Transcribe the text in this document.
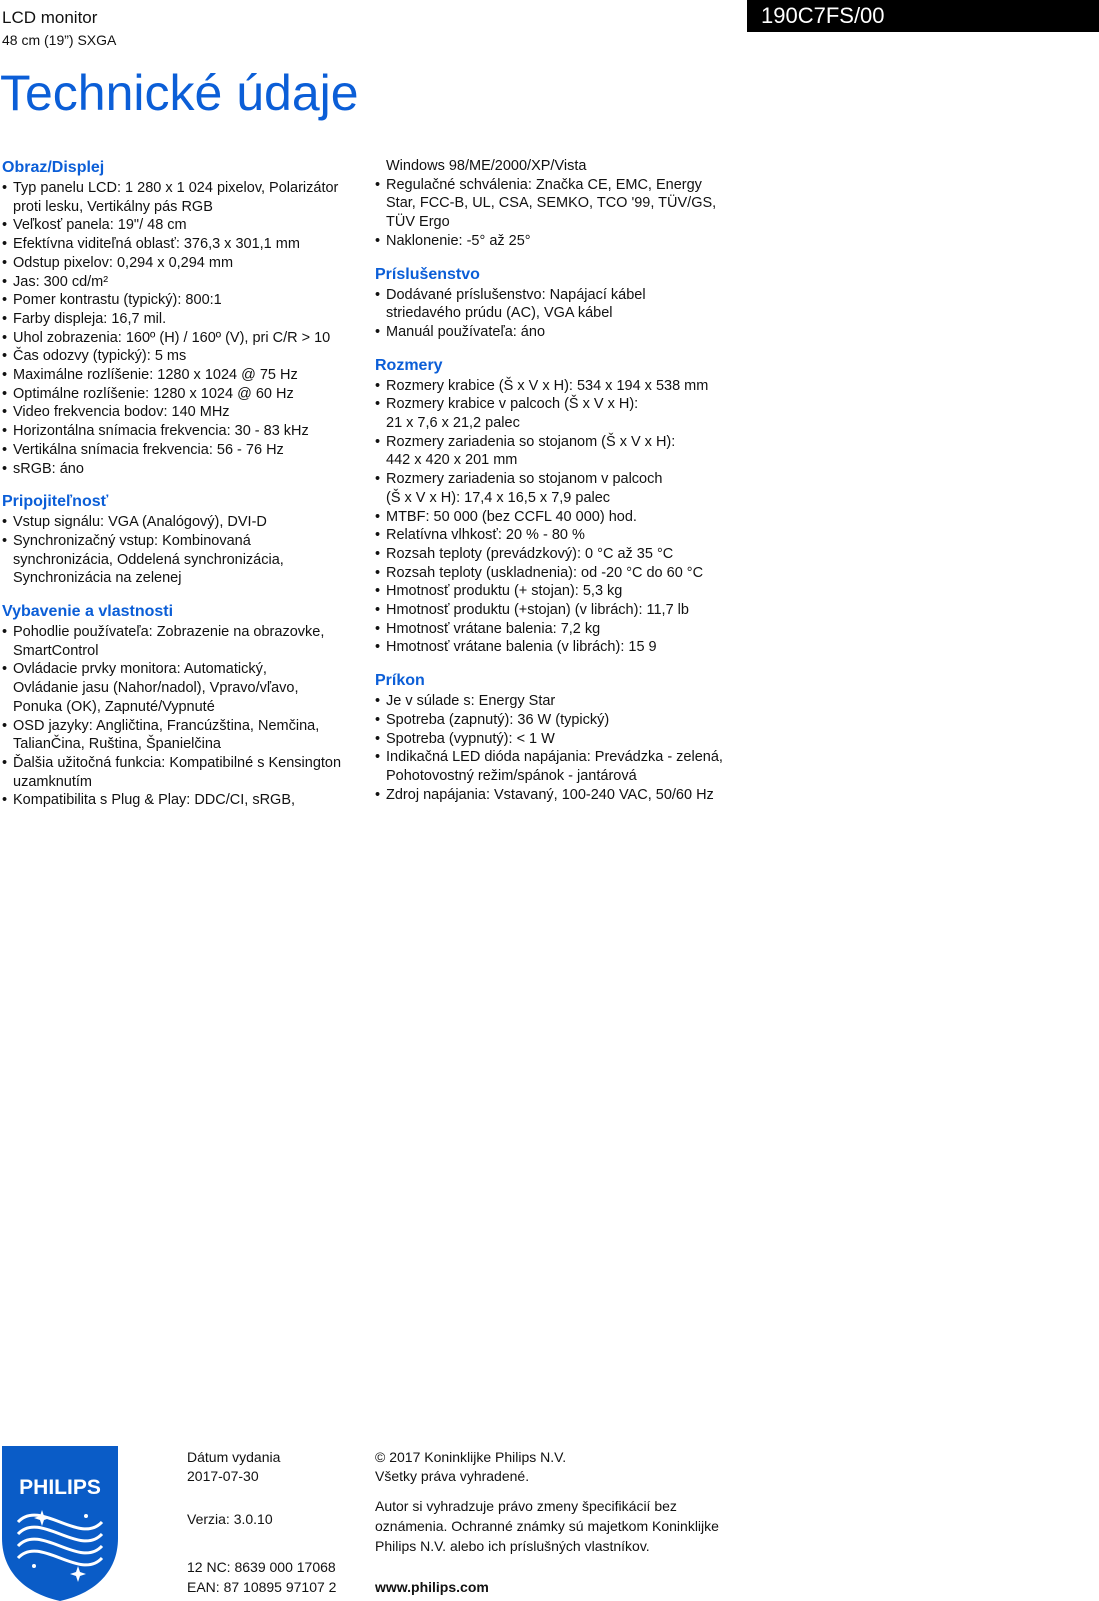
LCD monitor

48 cm (19”) SXGA

190C7FS/00
Technické údaje
Obraz/Displej
• Typ panelu LCD: 1 280 x 1 024 pixelov, Polarizátor
proti lesku, Vertikálny pás RGB
• Veľkosť panela: 19"/ 48 cm
• Efektívna viditeľná oblasť: 376,3 x 301,1 mm
• Odstup pixelov: 0,294 x 0,294 mm
• Jas: 300 cd/m²
• Pomer kontrastu (typický): 800:1
• Farby displeja: 16,7 mil.
• Uhol zobrazenia: 160º (H) / 160º (V), pri C/R > 10
• Čas odozvy (typický): 5 ms
• Maximálne rozlíšenie: 1280 x 1024 @ 75 Hz
• Optimálne rozlíšenie: 1280 x 1024 @ 60 Hz
• Video frekvencia bodov: 140 MHz
• Horizontálna snímacia frekvencia: 30 - 83 kHz
• Vertikálna snímacia frekvencia: 56 - 76 Hz
• sRGB: áno
Pripojiteľnosť
• Vstup signálu: VGA (Analógový), DVI-D
• Synchronizačný vstup: Kombinovaná
synchronizácia, Oddelená synchronizácia,
Synchronizácia na zelenej
Vybavenie a vlastnosti
• Pohodlie používateľa: Zobrazenie na obrazovke,
SmartControl
• Ovládacie prvky monitora: Automatický,
Ovládanie jasu (Nahor/nadol), Vpravo/vľavo,
Ponuka (OK), Zapnuté/Vypnuté
• OSD jazyky: Angličtina, Francúzština, Nemčina,
TalianČina, Ruština, Španielčina
• Ďalšia užitočná funkcia: Kompatibilné s Kensington
uzamknutím
• Kompatibilita s Plug & Play: DDC/CI, sRGB,
Windows 98/ME/2000/XP/Vista
• Regulačné schválenia: Značka CE, EMC, Energy
Star, FCC-B, UL, CSA, SEMKO, TCO '99, TÜV/GS,
TÜV Ergo
• Naklonenie: -5° až 25°
Príslušenstvo
• Dodávané príslušenstvo: Napájací kábel
striedavého prúdu (AC), VGA kábel
• Manuál používateľa: áno
Rozmery
• Rozmery krabice (Š x V x H): 534 x 194 x 538 mm
• Rozmery krabice v palcoch (Š x V x H):
21 x 7,6 x 21,2 palec
• Rozmery zariadenia so stojanom (Š x V x H):
442 x 420 x 201 mm
• Rozmery zariadenia so stojanom v palcoch
(Š x V x H): 17,4 x 16,5 x 7,9 palec
• MTBF: 50 000 (bez CCFL 40 000) hod.
• Relatívna vlhkosť: 20 % - 80 %
• Rozsah teploty (prevádzkový): 0 °C až 35 °C
• Rozsah teploty (uskladnenia): od -20 °C do 60 °C
• Hmotnosť produktu (+ stojan): 5,3 kg
• Hmotnosť produktu (+stojan) (v librách): 11,7 lb
• Hmotnosť vrátane balenia: 7,2 kg
• Hmotnosť vrátane balenia (v librách): 15 9
Príkon
• Je v súlade s: Energy Star
• Spotreba (zapnutý): 36 W (typický)
• Spotreba (vypnutý): < 1 W
• Indikačná LED dióda napájania: Prevádzka - zelená,
Pohotovostný režim/spánok - jantárová
• Zdroj napájania: Vstavaný, 100-240 VAC, 50/60 Hz
PHILIPS

Dátum vydania

2017-07-30

Verzia: 3.0.10

12 NC: 8639 000 17068

EAN: 87 10895 97107 2

© 2017 Koninklijke Philips N.V.

Všetky práva vyhradené.

Autor si vyhradzuje právo zmeny špecifikácií bez

oznámenia. Ochranné známky sú majetkom Koninklijke

Philips N.V. alebo ich príslušných vlastníkov.

www.philips.com
